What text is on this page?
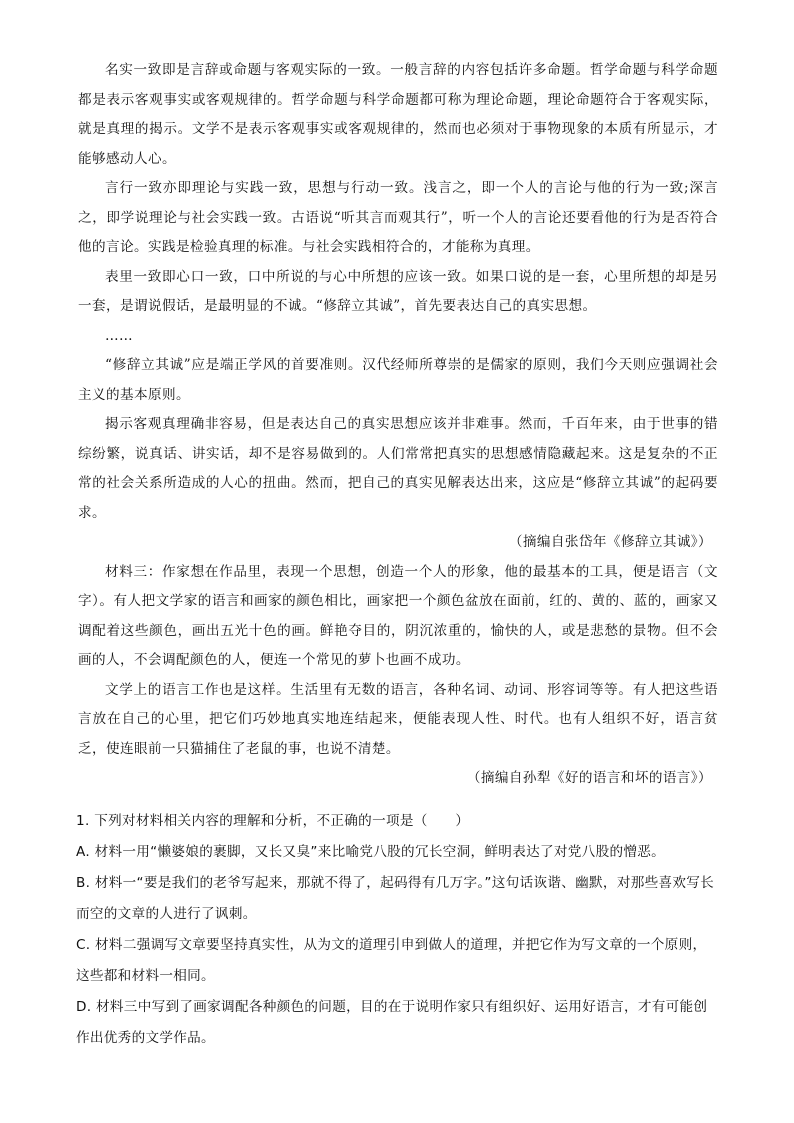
名实一致即是言辞或命题与客观实际的一致。一般言辞的内容包括许多命题。哲学命题与科学命题都是表示客观事实或客观规律的。哲学命题与科学命题都可称为理论命题，理论命题符合于客观实际，就是真理的揭示。文学不是表示客观事实或客观规律的，然而也必须对于事物现象的本质有所显示，才能够感动人心。

言行一致亦即理论与实践一致，思想与行动一致。浅言之，即一个人的言论与他的行为一致;深言之，即学说理论与社会实践一致。古语说“听其言而观其行”，听一个人的言论还要看他的行为是否符合他的言论。实践是检验真理的标准。与社会实践相符合的，才能称为真理。

表里一致即心口一致，口中所说的与心中所想的应该一致。如果口说的是一套，心里所想的却是另一套，是谓说假话，是最明显的不诚。“修辞立其诚”，首先要表达自己的真实思想。

……

“修辞立其诚”应是端正学风的首要准则。汉代经师所尊崇的是儒家的原则，我们今天则应强调社会主义的基本原则。

揭示客观真理确非容易，但是表达自己的真实思想应该并非难事。然而，千百年来，由于世事的错综纷繁，说真话、讲实话，却不是容易做到的。人们常常把真实的思想感情隐藏起来。这是复杂的不正常的社会关系所造成的人心的扭曲。然而，把自己的真实见解表达出来，这应是“修辞立其诚”的起码要求。

（摘编自张岱年《修辞立其诚》）

材料三：作家想在作品里，表现一个思想，创造一个人的形象，他的最基本的工具，便是语言（文字）。有人把文学家的语言和画家的颜色相比，画家把一个颜色盆放在面前，红的、黄的、蓝的，画家又调配着这些颜色，画出五光十色的画。鲜艳夺目的，阴沉浓重的，愉快的人，或是悲愁的景物。但不会画的人，不会调配颜色的人，便连一个常见的萝卜也画不成功。

文学上的语言工作也是这样。生活里有无数的语言，各种名词、动词、形容词等等。有人把这些语言放在自己的心里，把它们巧妙地真实地连结起来，便能表现人性、时代。也有人组织不好，语言贫乏，使连眼前一只猫捕住了老鼠的事，也说不清楚。

（摘编自孙犁《好的语言和坏的语言》）

1. 下列对材料相关内容的理解和分析，不正确的一项是（　　）

A. 材料一用“懒婆娘的裹脚，又长又臭”来比喻党八股的冗长空洞，鲜明表达了对党八股的憎恶。

B. 材料一“要是我们的老爷写起来，那就不得了，起码得有几万字。”这句话诙谐、幽默，对那些喜欢写长而空的文章的人进行了讽刺。

C. 材料二强调写文章要坚持真实性，从为文的道理引申到做人的道理，并把它作为写文章的一个原则，这些都和材料一相同。

D. 材料三中写到了画家调配各种颜色的问题，目的在于说明作家只有组织好、运用好语言，才有可能创作出优秀的文学作品。
